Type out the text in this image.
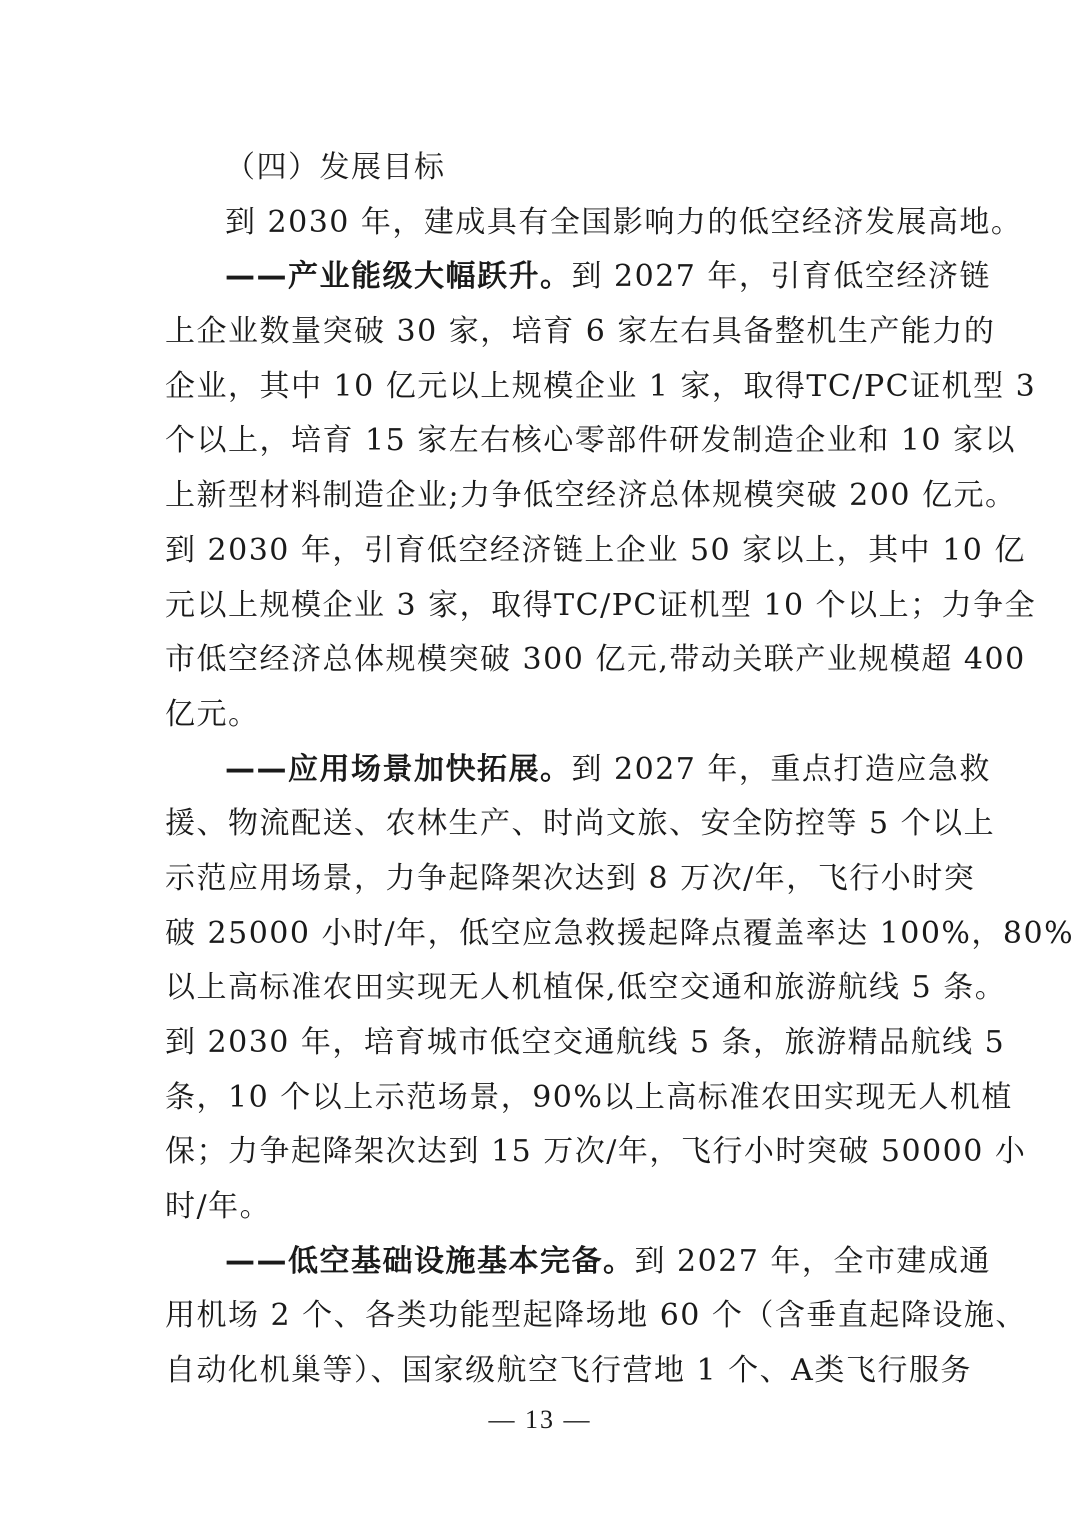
（四）发展目标
到 2030 年，建成具有全国影响力的低空经济发展高地。
——产业能级大幅跃升。到 2027 年，引育低空经济链
上企业数量突破 30 家，培育 6 家左右具备整机生产能力的
企业，其中 10 亿元以上规模企业 1 家，取得TC/PC证机型 3
个以上，培育 15 家左右核心零部件研发制造企业和 10 家以
上新型材料制造企业;力争低空经济总体规模突破 200 亿元。
到 2030 年，引育低空经济链上企业 50 家以上，其中 10 亿
元以上规模企业 3 家，取得TC/PC证机型 10 个以上；力争全
市低空经济总体规模突破 300 亿元,带动关联产业规模超 400
亿元。
——应用场景加快拓展。到 2027 年，重点打造应急救
援、物流配送、农林生产、时尚文旅、安全防控等 5 个以上
示范应用场景，力争起降架次达到 8 万次/年，飞行小时突
破 25000 小时/年，低空应急救援起降点覆盖率达 100%，80%
以上高标准农田实现无人机植保,低空交通和旅游航线 5 条。
到 2030 年，培育城市低空交通航线 5 条，旅游精品航线 5
条，10 个以上示范场景，90%以上高标准农田实现无人机植
保；力争起降架次达到 15 万次/年，飞行小时突破 50000 小
时/年。
——低空基础设施基本完备。到 2027 年，全市建成通
用机场 2 个、各类功能型起降场地 60 个（含垂直起降设施、
自动化机巢等）、国家级航空飞行营地 1 个、A类飞行服务
— 13 —
